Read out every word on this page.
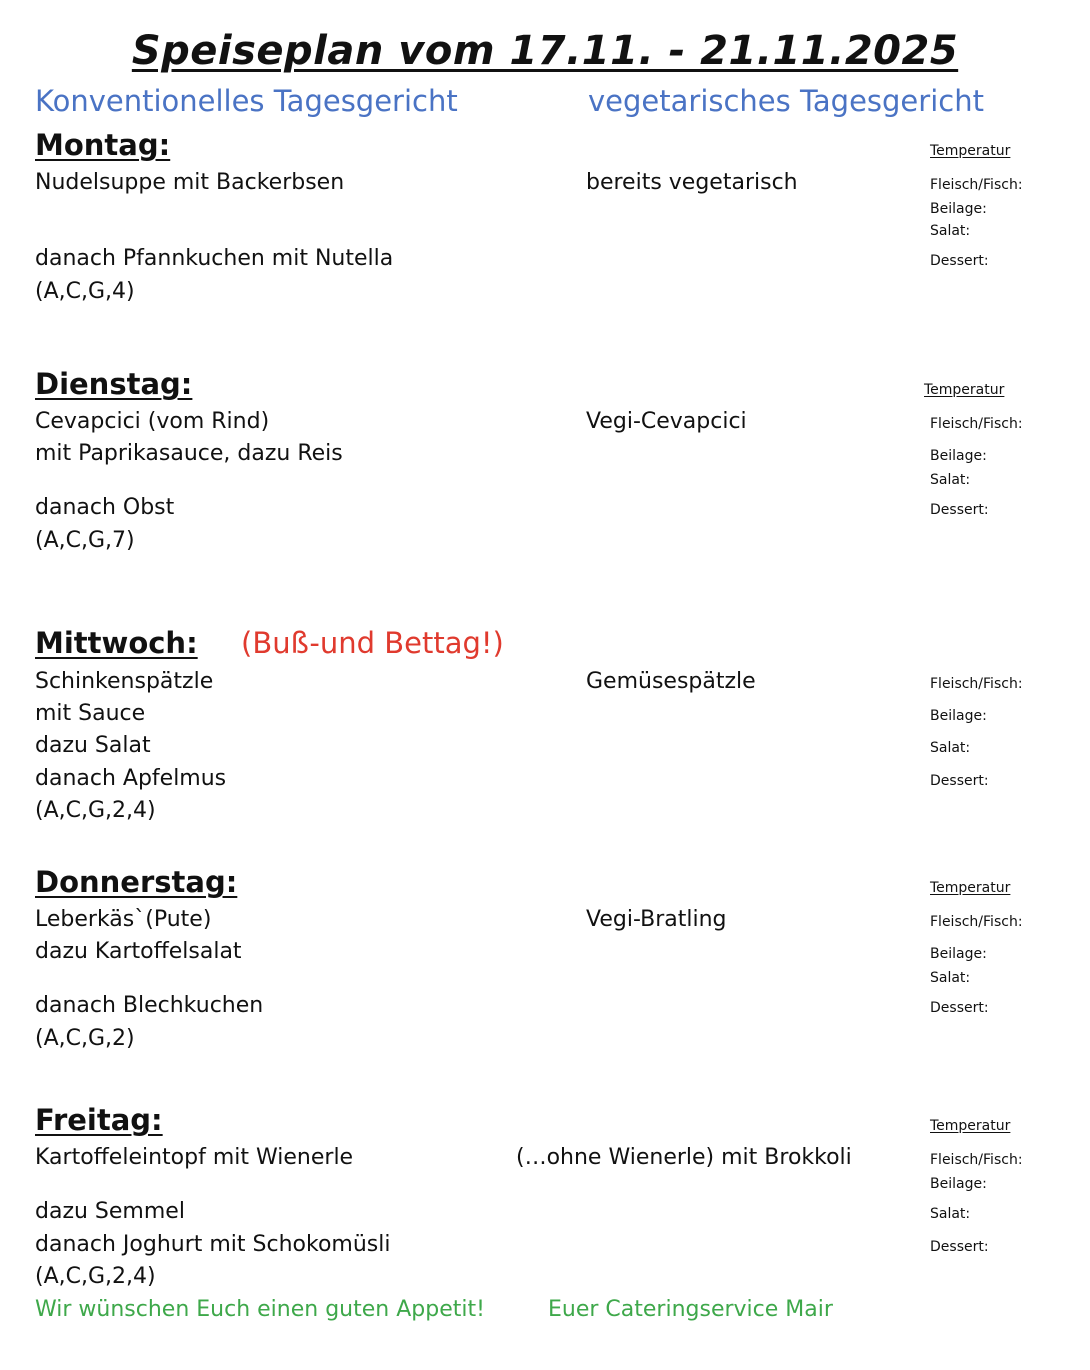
Speiseplan vom 17.11. - 21.11.2025
Konventionelles Tagesgericht	vegetarisches Tagesgericht
Montag:	Temperatur
Nudelsuppe mit Backerbsen	bereits vegetarisch	Fleisch/Fisch:
Beilage:
Salat:
danach Pfannkuchen mit Nutella	Dessert:
(A,C,G,4)
Dienstag:	Temperatur
Cevapcici (vom Rind)	Vegi-Cevapcici	Fleisch/Fisch:
mit Paprikasauce, dazu Reis	Beilage:
Salat:
danach Obst	Dessert:
(A,C,G,7)
Mittwoch: (Buß-und Bettag!)
Schinkenspätzle	Gemüsespätzle	Fleisch/Fisch:
mit Sauce	Beilage:
dazu Salat	Salat:
danach Apfelmus	Dessert:
(A,C,G,2,4)
Donnerstag:	Temperatur
Leberkäs`(Pute)	Vegi-Bratling	Fleisch/Fisch:
dazu Kartoffelsalat	Beilage:
Salat:
danach Blechkuchen	Dessert:
(A,C,G,2)
Freitag:	Temperatur
Kartoffeleintopf mit Wienerle	(…ohne Wienerle) mit Brokkoli	Fleisch/Fisch:
Beilage:
dazu Semmel	Salat:
danach Joghurt mit Schokomüsli	Dessert:
(A,C,G,2,4)
Wir wünschen Euch einen guten Appetit!	Euer Cateringservice Mair
